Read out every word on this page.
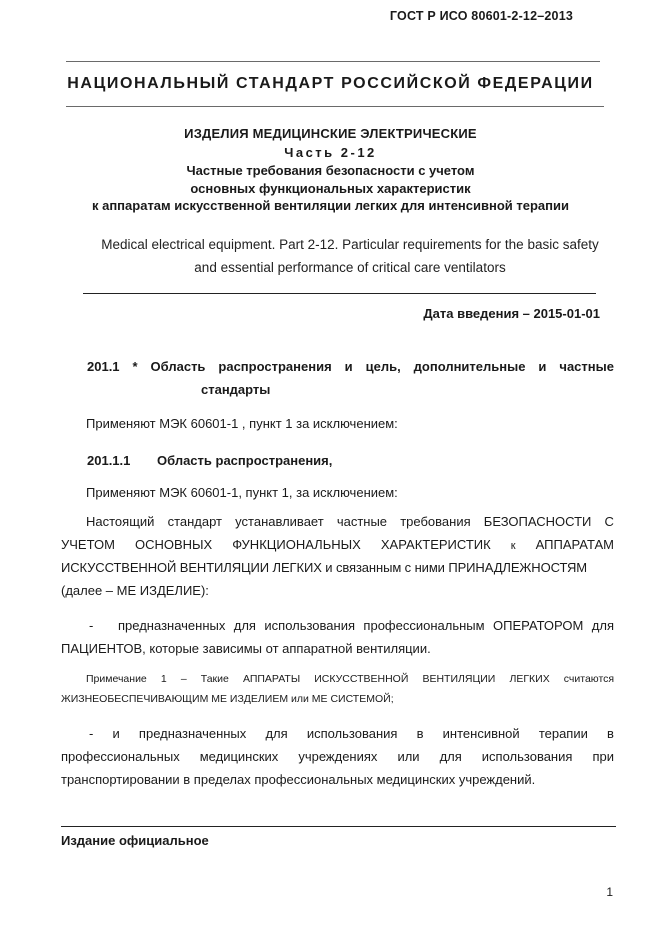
ГОСТ Р ИСО 80601-2-12–2013
НАЦИОНАЛЬНЫЙ СТАНДАРТ РОССИЙСКОЙ ФЕДЕРАЦИИ
ИЗДЕЛИЯ МЕДИЦИНСКИЕ ЭЛЕКТРИЧЕСКИЕ
Часть 2-12
Частные требования безопасности с учетом
основных функциональных характеристик
к аппаратам искусственной вентиляции легких для интенсивной терапии
Medical electrical equipment. Part 2-12. Particular requirements for the basic safety
and essential performance of critical care ventilators
Дата введения – 2015-01-01
201.1 * Область распространения и цель, дополнительные и частные
стандарты
Применяют МЭК 60601-1 , пункт 1 за исключением:
201.1.1 Область распространения,
Применяют МЭК 60601-1, пункт 1, за исключением:
Настоящий стандарт устанавливает частные требования БЕЗОПАСНОСТИ С
УЧЕТОМ ОСНОВНЫХ ФУНКЦИОНАЛЬНЫХ ХАРАКТЕРИСТИК к АППАРАТАМ
ИСКУССТВЕННОЙ ВЕНТИЛЯЦИИ ЛЕГКИХ и связанным с ними ПРИНАДЛЕЖНОСТЯМ
(далее – МЕ ИЗДЕЛИЕ):
- предназначенных для использования профессиональным ОПЕРАТОРОМ для
ПАЦИЕНТОВ, которые зависимы от аппаратной вентиляции.
Примечание 1 – Такие АППАРАТЫ ИСКУССТВЕННОЙ ВЕНТИЛЯЦИИ ЛЕГКИХ считаются
ЖИЗНЕОБЕСПЕЧИВАЮЩИМ МЕ ИЗДЕЛИЕМ или МЕ СИСТЕМОЙ;
- и предназначенных для использования в интенсивной терапии в
профессиональных медицинских учреждениях или для использования при
транспортировании в пределах профессиональных медицинских учреждений.
Издание официальное
1
